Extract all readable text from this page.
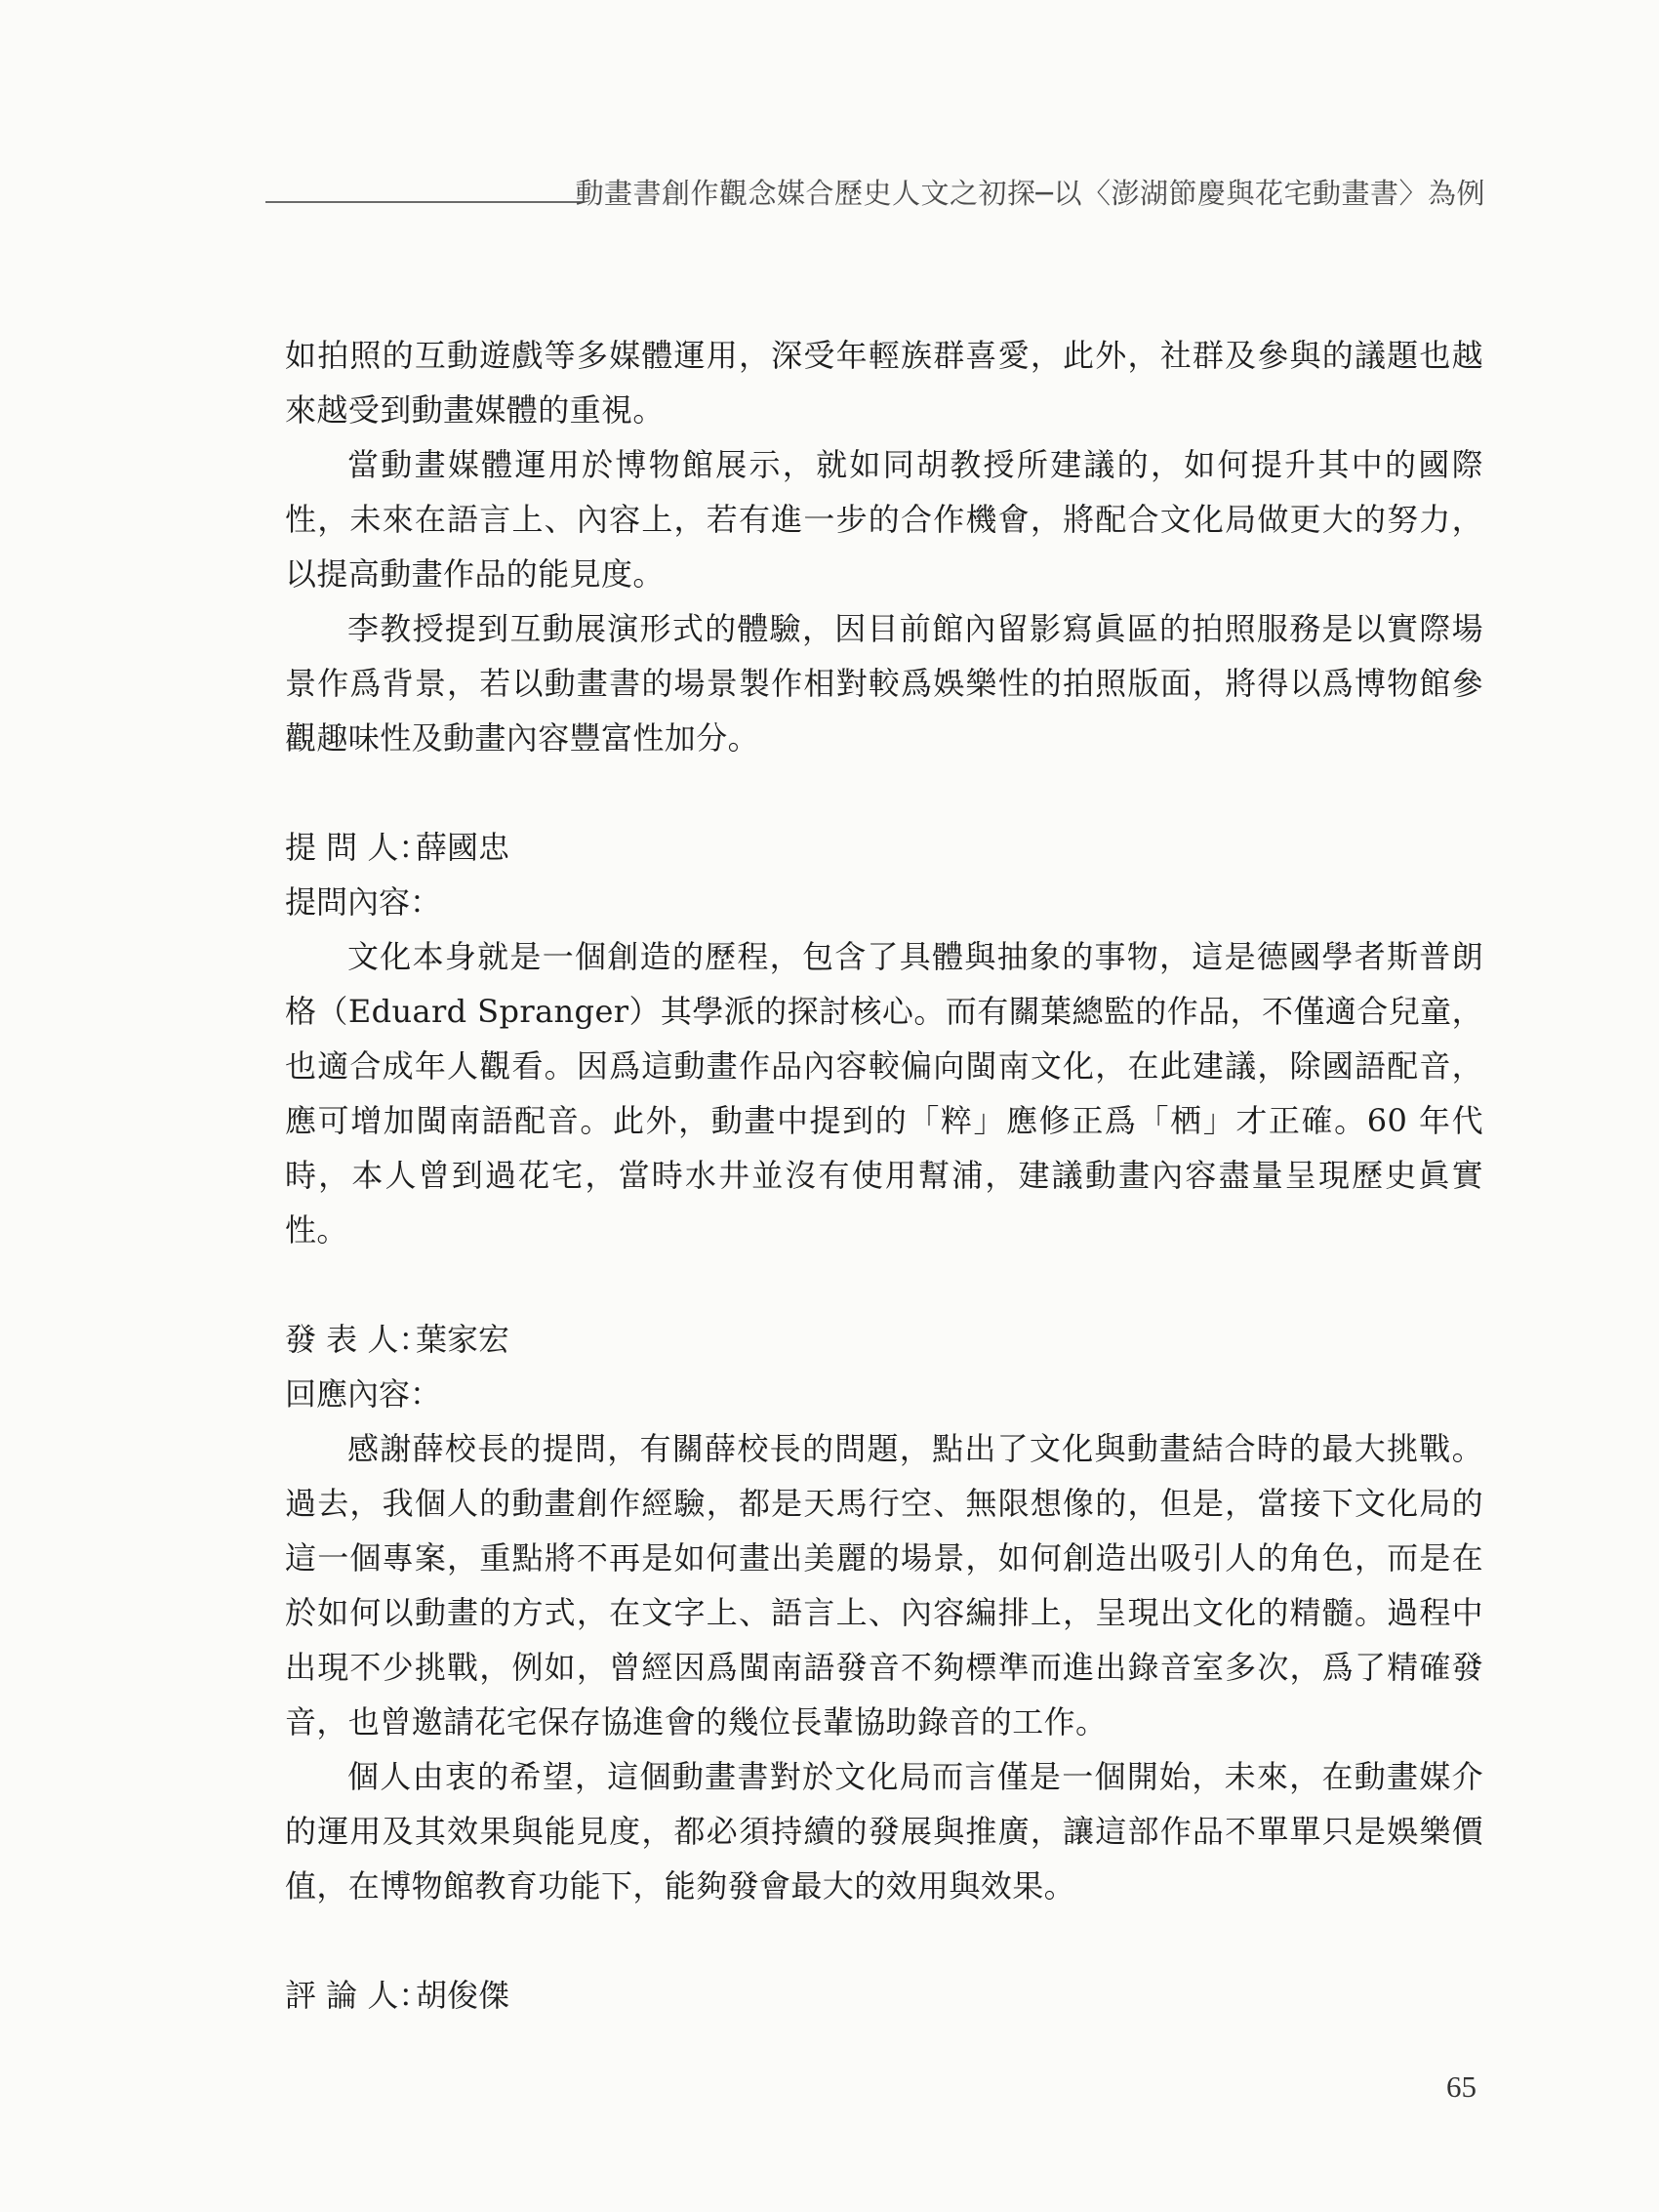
動畫書創作觀念媒合歷史人文之初探─以〈澎湖節慶與花宅動畫書〉為例

如拍照的互動遊戲等多媒體運用，深受年輕族群喜愛，此外，社群及參與的議題也越來越受到動畫媒體的重視。

當動畫媒體運用於博物館展示，就如同胡教授所建議的，如何提升其中的國際性，未來在語言上、內容上，若有進一步的合作機會，將配合文化局做更大的努力，以提高動畫作品的能見度。

李教授提到互動展演形式的體驗，因目前館內留影寫眞區的拍照服務是以實際場景作爲背景，若以動畫書的場景製作相對較爲娛樂性的拍照版面，將得以爲博物館參觀趣味性及動畫內容豐富性加分。

提 問 人：薛國忠

提問內容：

文化本身就是一個創造的歷程，包含了具體與抽象的事物，這是德國學者斯普朗格（Eduard Spranger）其學派的探討核心。而有關葉總監的作品，不僅適合兒童，也適合成年人觀看。因爲這動畫作品內容較偏向閩南文化，在此建議，除國語配音，應可增加閩南語配音。此外，動畫中提到的「粹」應修正爲「栖」才正確。60 年代時，本人曾到過花宅，當時水井並沒有使用幫浦，建議動畫內容盡量呈現歷史眞實性。

發 表 人：葉家宏

回應內容：

感謝薛校長的提問，有關薛校長的問題，點出了文化與動畫結合時的最大挑戰。過去，我個人的動畫創作經驗，都是天馬行空、無限想像的，但是，當接下文化局的這一個專案，重點將不再是如何畫出美麗的場景，如何創造出吸引人的角色，而是在於如何以動畫的方式，在文字上、語言上、內容編排上，呈現出文化的精髓。過程中出現不少挑戰，例如，曾經因爲閩南語發音不夠標準而進出錄音室多次，爲了精確發音，也曾邀請花宅保存協進會的幾位長輩協助錄音的工作。

個人由衷的希望，這個動畫書對於文化局而言僅是一個開始，未來，在動畫媒介的運用及其效果與能見度，都必須持續的發展與推廣，讓這部作品不單單只是娛樂價值，在博物館教育功能下，能夠發會最大的效用與效果。

評 論 人：胡俊傑

65
